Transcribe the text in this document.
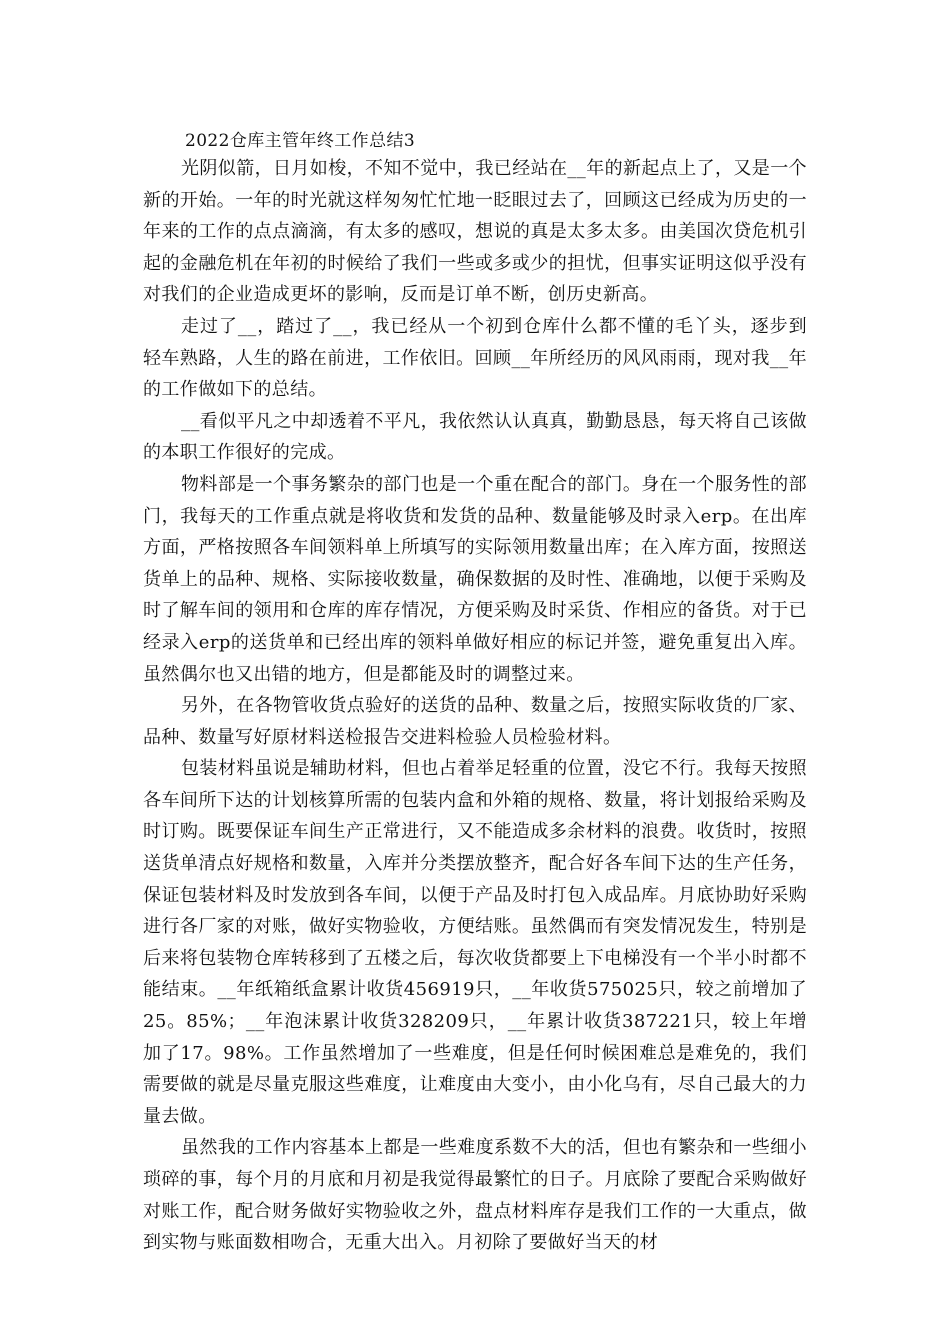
2022仓库主管年终工作总结3

光阴似箭，日月如梭，不知不觉中，我已经站在__年的新起点上了，又是一个新的开始。一年的时光就这样匆匆忙忙地一眨眼过去了，回顾这已经成为历史的一年来的工作的点点滴滴，有太多的感叹，想说的真是太多太多。由美国次贷危机引起的金融危机在年初的时候给了我们一些或多或少的担忧，但事实证明这似乎没有对我们的企业造成更坏的影响，反而是订单不断，创历史新高。

走过了__，踏过了__，我已经从一个初到仓库什么都不懂的毛丫头，逐步到轻车熟路，人生的路在前进，工作依旧。回顾__年所经历的风风雨雨，现对我__年的工作做如下的总结。

__看似平凡之中却透着不平凡，我依然认认真真，勤勤恳恳，每天将自己该做的本职工作很好的完成。

物料部是一个事务繁杂的部门也是一个重在配合的部门。身在一个服务性的部门，我每天的工作重点就是将收货和发货的品种、数量能够及时录入erp。在出库方面，严格按照各车间领料单上所填写的实际领用数量出库；在入库方面，按照送货单上的品种、规格、实际接收数量，确保数据的及时性、准确地，以便于采购及时了解车间的领用和仓库的库存情况，方便采购及时采货、作相应的备货。对于已经录入erp的送货单和已经出库的领料单做好相应的标记并签，避免重复出入库。虽然偶尔也又出错的地方，但是都能及时的调整过来。

另外，在各物管收货点验好的送货的品种、数量之后，按照实际收货的厂家、品种、数量写好原材料送检报告交进料检验人员检验材料。

包装材料虽说是辅助材料，但也占着举足轻重的位置，没它不行。我每天按照各车间所下达的计划核算所需的包装内盒和外箱的规格、数量，将计划报给采购及时订购。既要保证车间生产正常进行，又不能造成多余材料的浪费。收货时，按照送货单清点好规格和数量，入库并分类摆放整齐，配合好各车间下达的生产任务，保证包装材料及时发放到各车间，以便于产品及时打包入成品库。月底协助好采购进行各厂家的对账，做好实物验收，方便结账。虽然偶而有突发情况发生，特别是后来将包装物仓库转移到了五楼之后，每次收货都要上下电梯没有一个半小时都不能结束。__年纸箱纸盒累计收货456919只，__年收货575025只，较之前增加了25。85%；__年泡沫累计收货328209只，__年累计收货387221只，较上年增加了17。98%。工作虽然增加了一些难度，但是任何时候困难总是难免的，我们需要做的就是尽量克服这些难度，让难度由大变小，由小化乌有，尽自己最大的力量去做。

虽然我的工作内容基本上都是一些难度系数不大的活，但也有繁杂和一些细小琐碎的事，每个月的月底和月初是我觉得最繁忙的日子。月底除了要配合采购做好对账工作，配合财务做好实物验收之外，盘点材料库存是我们工作的一大重点，做到实物与账面数相吻合，无重大出入。月初除了要做好当天的材
